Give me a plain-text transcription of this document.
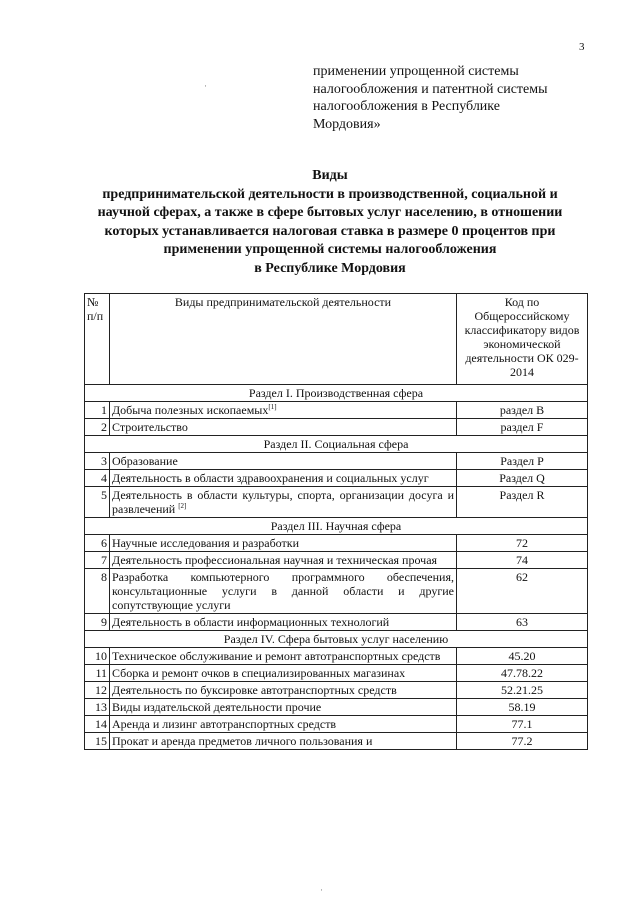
3
применении упрощенной системы
налогообложения и патентной системы
налогообложения в Республике
Мордовия»
Виды
предпринимательской деятельности в производственной, социальной и
научной сферах, а также в сфере бытовых услуг населению, в отношении
которых устанавливается налоговая ставка в размере 0 процентов при
применении упрощенной системы налогообложения
в Республике Мордовия
№ п/п	Виды предпринимательской деятельности	Код по Общероссийскому классификатору видов экономической деятельности ОК 029-2014
Раздел I. Производственная сфера		
1	Добыча полезных ископаемых[1]	раздел B
2	Строительство	раздел F
Раздел II. Социальная сфера		
3	Образование	Раздел P
4	Деятельность в области здравоохранения и социальных услуг	Раздел Q
5	Деятельность в области культуры, спорта, организации досуга и развлечений [2]	Раздел R
Раздел III. Научная сфера		
6	Научные исследования и разработки	72
7	Деятельность профессиональная научная и техническая прочая	74
8	Разработка компьютерного программного обеспечения, консультационные услуги в данной области и другие сопутствующие услуги	62
9	Деятельность в области информационных технологий	63
Раздел IV. Сфера бытовых услуг населению		
10	Техническое обслуживание и ремонт автотранспортных средств	45.20
11	Сборка и ремонт очков в специализированных магазинах	47.78.22
12	Деятельность по буксировке автотранспортных средств	52.21.25
13	Виды издательской деятельности прочие	58.19
14	Аренда и лизинг автотранспортных средств	77.1
15	Прокат и аренда предметов личного пользования и	77.2
·
·
